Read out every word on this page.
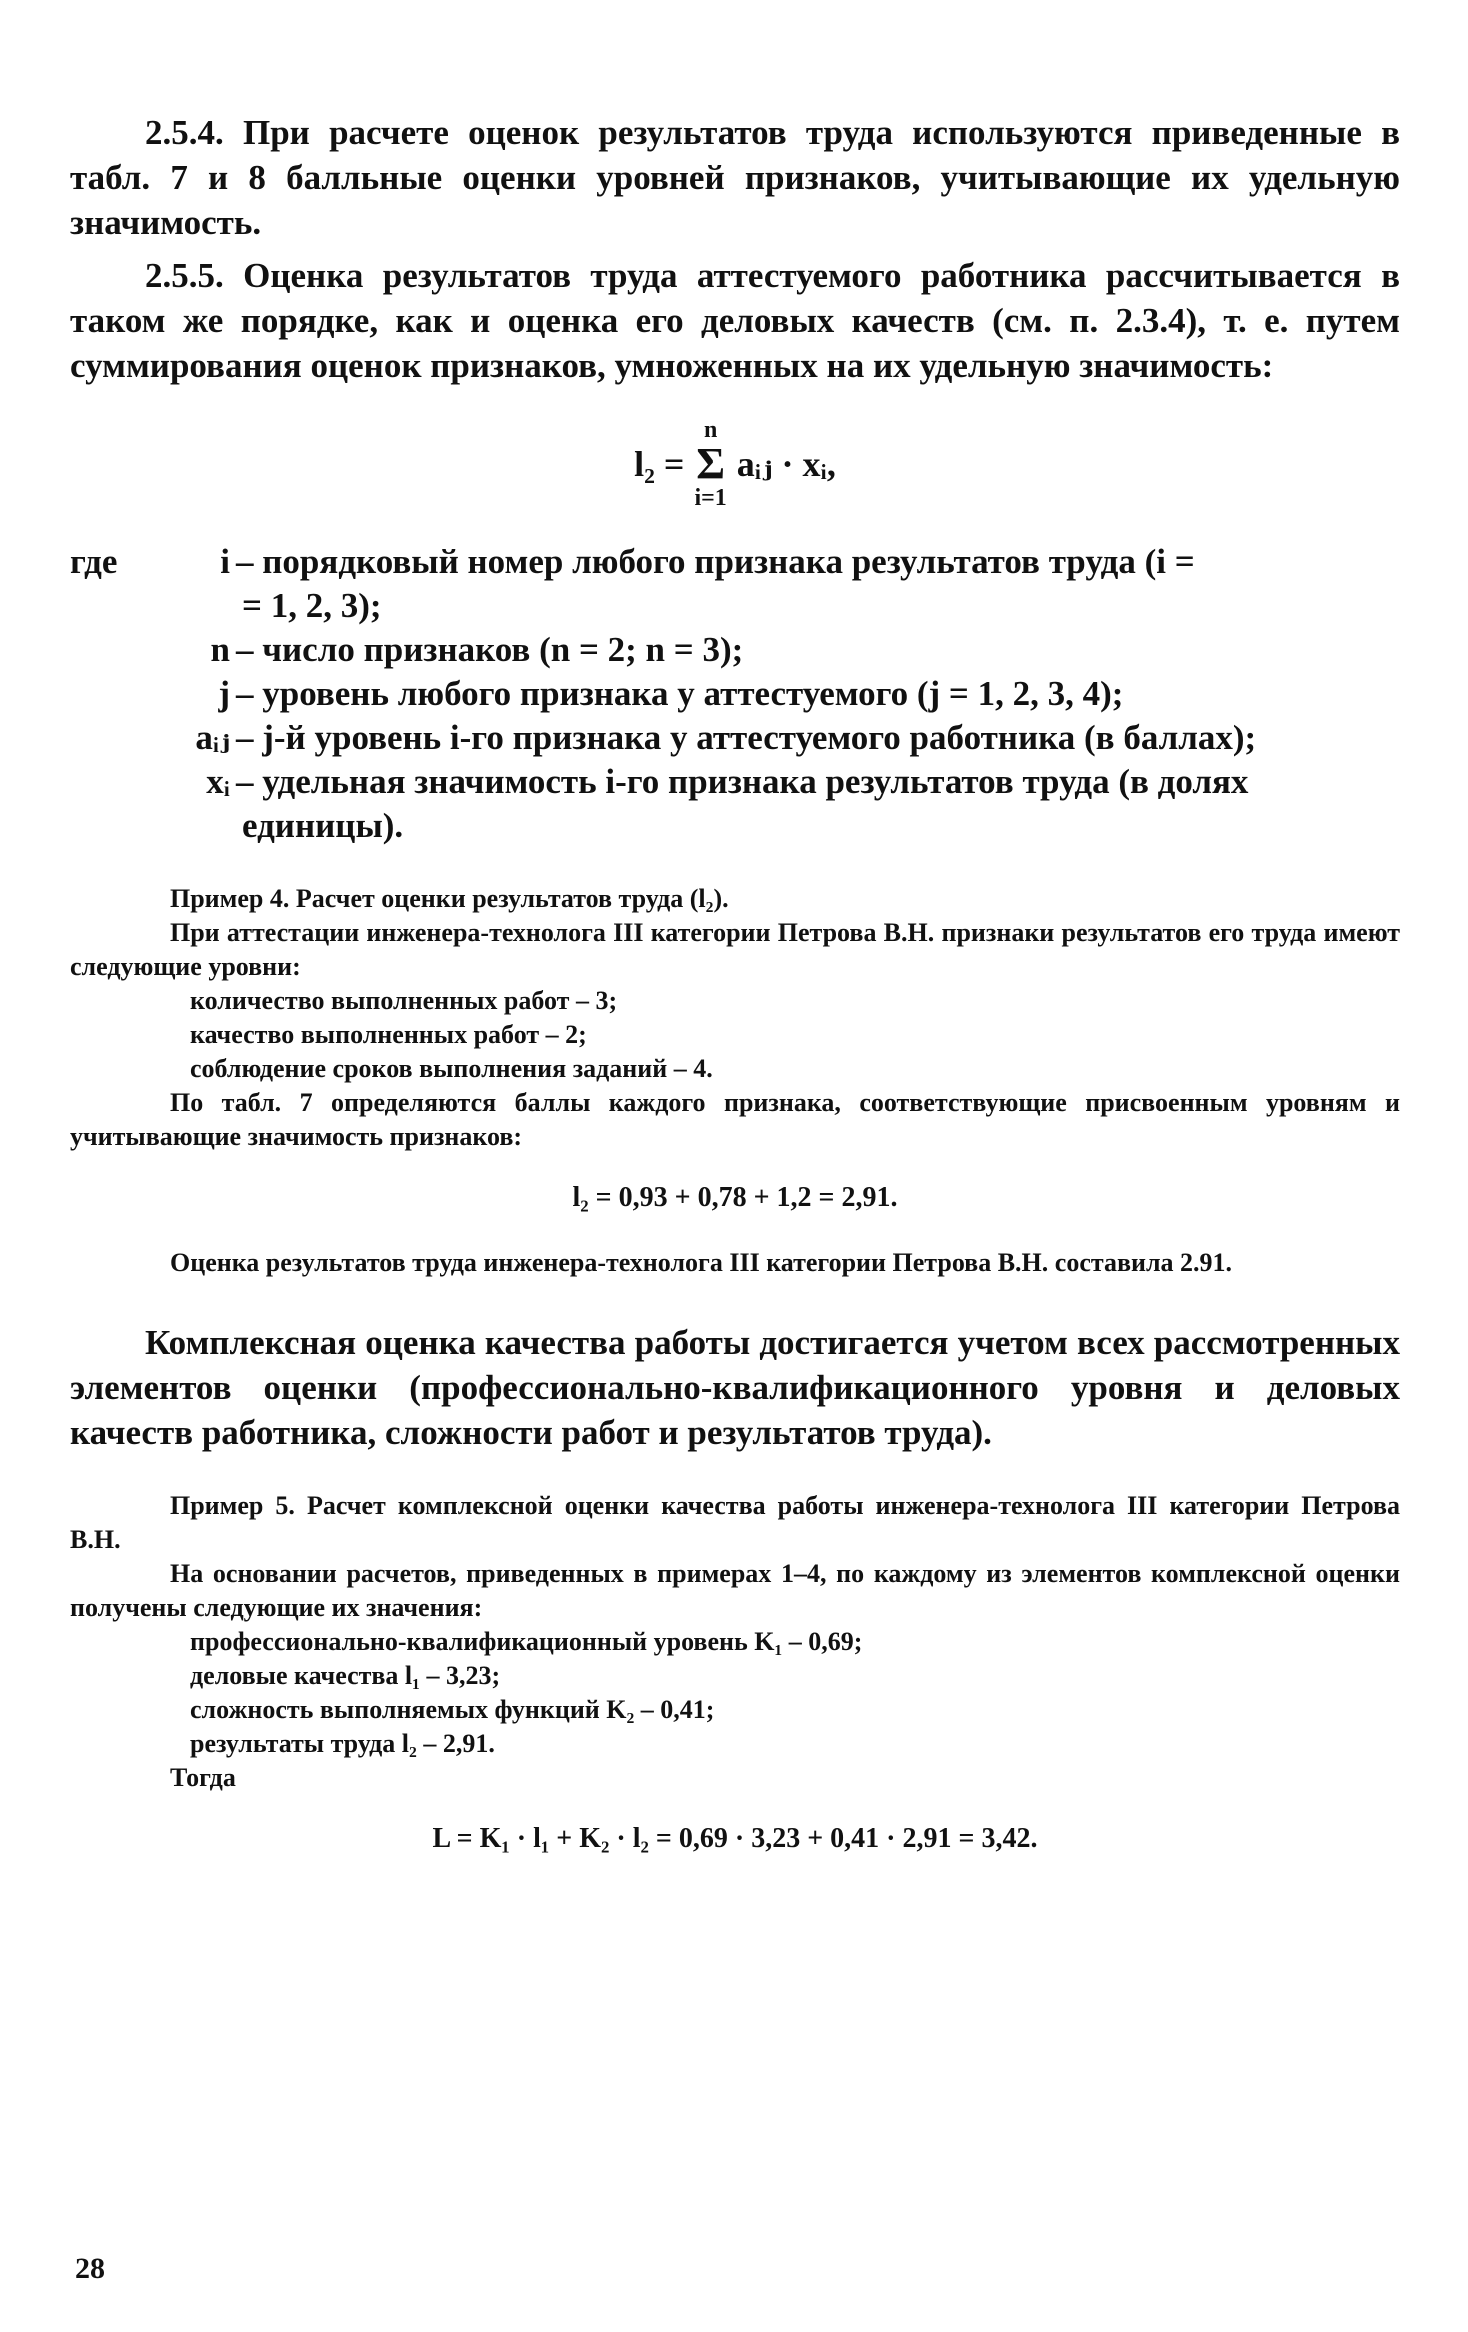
2.5.4. При расчете оценок результатов труда используются приведенные в табл. 7 и 8 балльные оценки уровней признаков, учитывающие их удельную значимость.

2.5.5. Оценка результатов труда аттестуемого работника рассчитывается в таком же порядке, как и оценка его деловых качеств (см. п. 2.3.4), т. е. путем суммирования оценок признаков, умноженных на их удельную значимость:

l₂ =
n
Σ
i=1
aᵢⱼ · xᵢ,
где	i – порядковый номер любого признака результатов труда (i =
= 1, 2, 3);
n – число признаков (n = 2; n = 3);
j – уровень любого признака у аттестуемого (j = 1, 2, 3, 4);
aᵢⱼ – j-й уровень i-го признака у аттестуемого работника (в баллах);
xᵢ – удельная значимость i-го признака результатов труда (в долях
единицы).

Пример 4. Расчет оценки результатов труда (l₂).

При аттестации инженера-технолога III категории Петрова В.Н. признаки результатов его труда имеют следующие уровни:

количество выполненных работ – 3;
качество выполненных работ – 2;
соблюдение сроков выполнения заданий – 4.

По табл. 7 определяются баллы каждого признака, соответствующие присвоенным уровням и учитывающие значимость признаков:

l₂ = 0,93 + 0,78 + 1,2 = 2,91.

Оценка результатов труда инженера-технолога III категории Петрова В.Н. составила 2.91.

Комплексная оценка качества работы достигается учетом всех рассмотренных элементов оценки (профессионально-квалификационного уровня и деловых качеств работника, сложности работ и результатов труда).

Пример 5. Расчет комплексной оценки качества работы инженера-технолога III категории Петрова В.Н.

На основании расчетов, приведенных в примерах 1–4, по каждому из элементов комплексной оценки получены следующие их значения:

профессионально-квалификационный уровень K₁ – 0,69;
деловые качества l₁ – 3,23;
сложность выполняемых функций K₂ – 0,41;
результаты труда l₂ – 2,91.

Тогда

L = K₁ · l₁ + K₂ · l₂ = 0,69 · 3,23 + 0,41 · 2,91 = 3,42.
28
